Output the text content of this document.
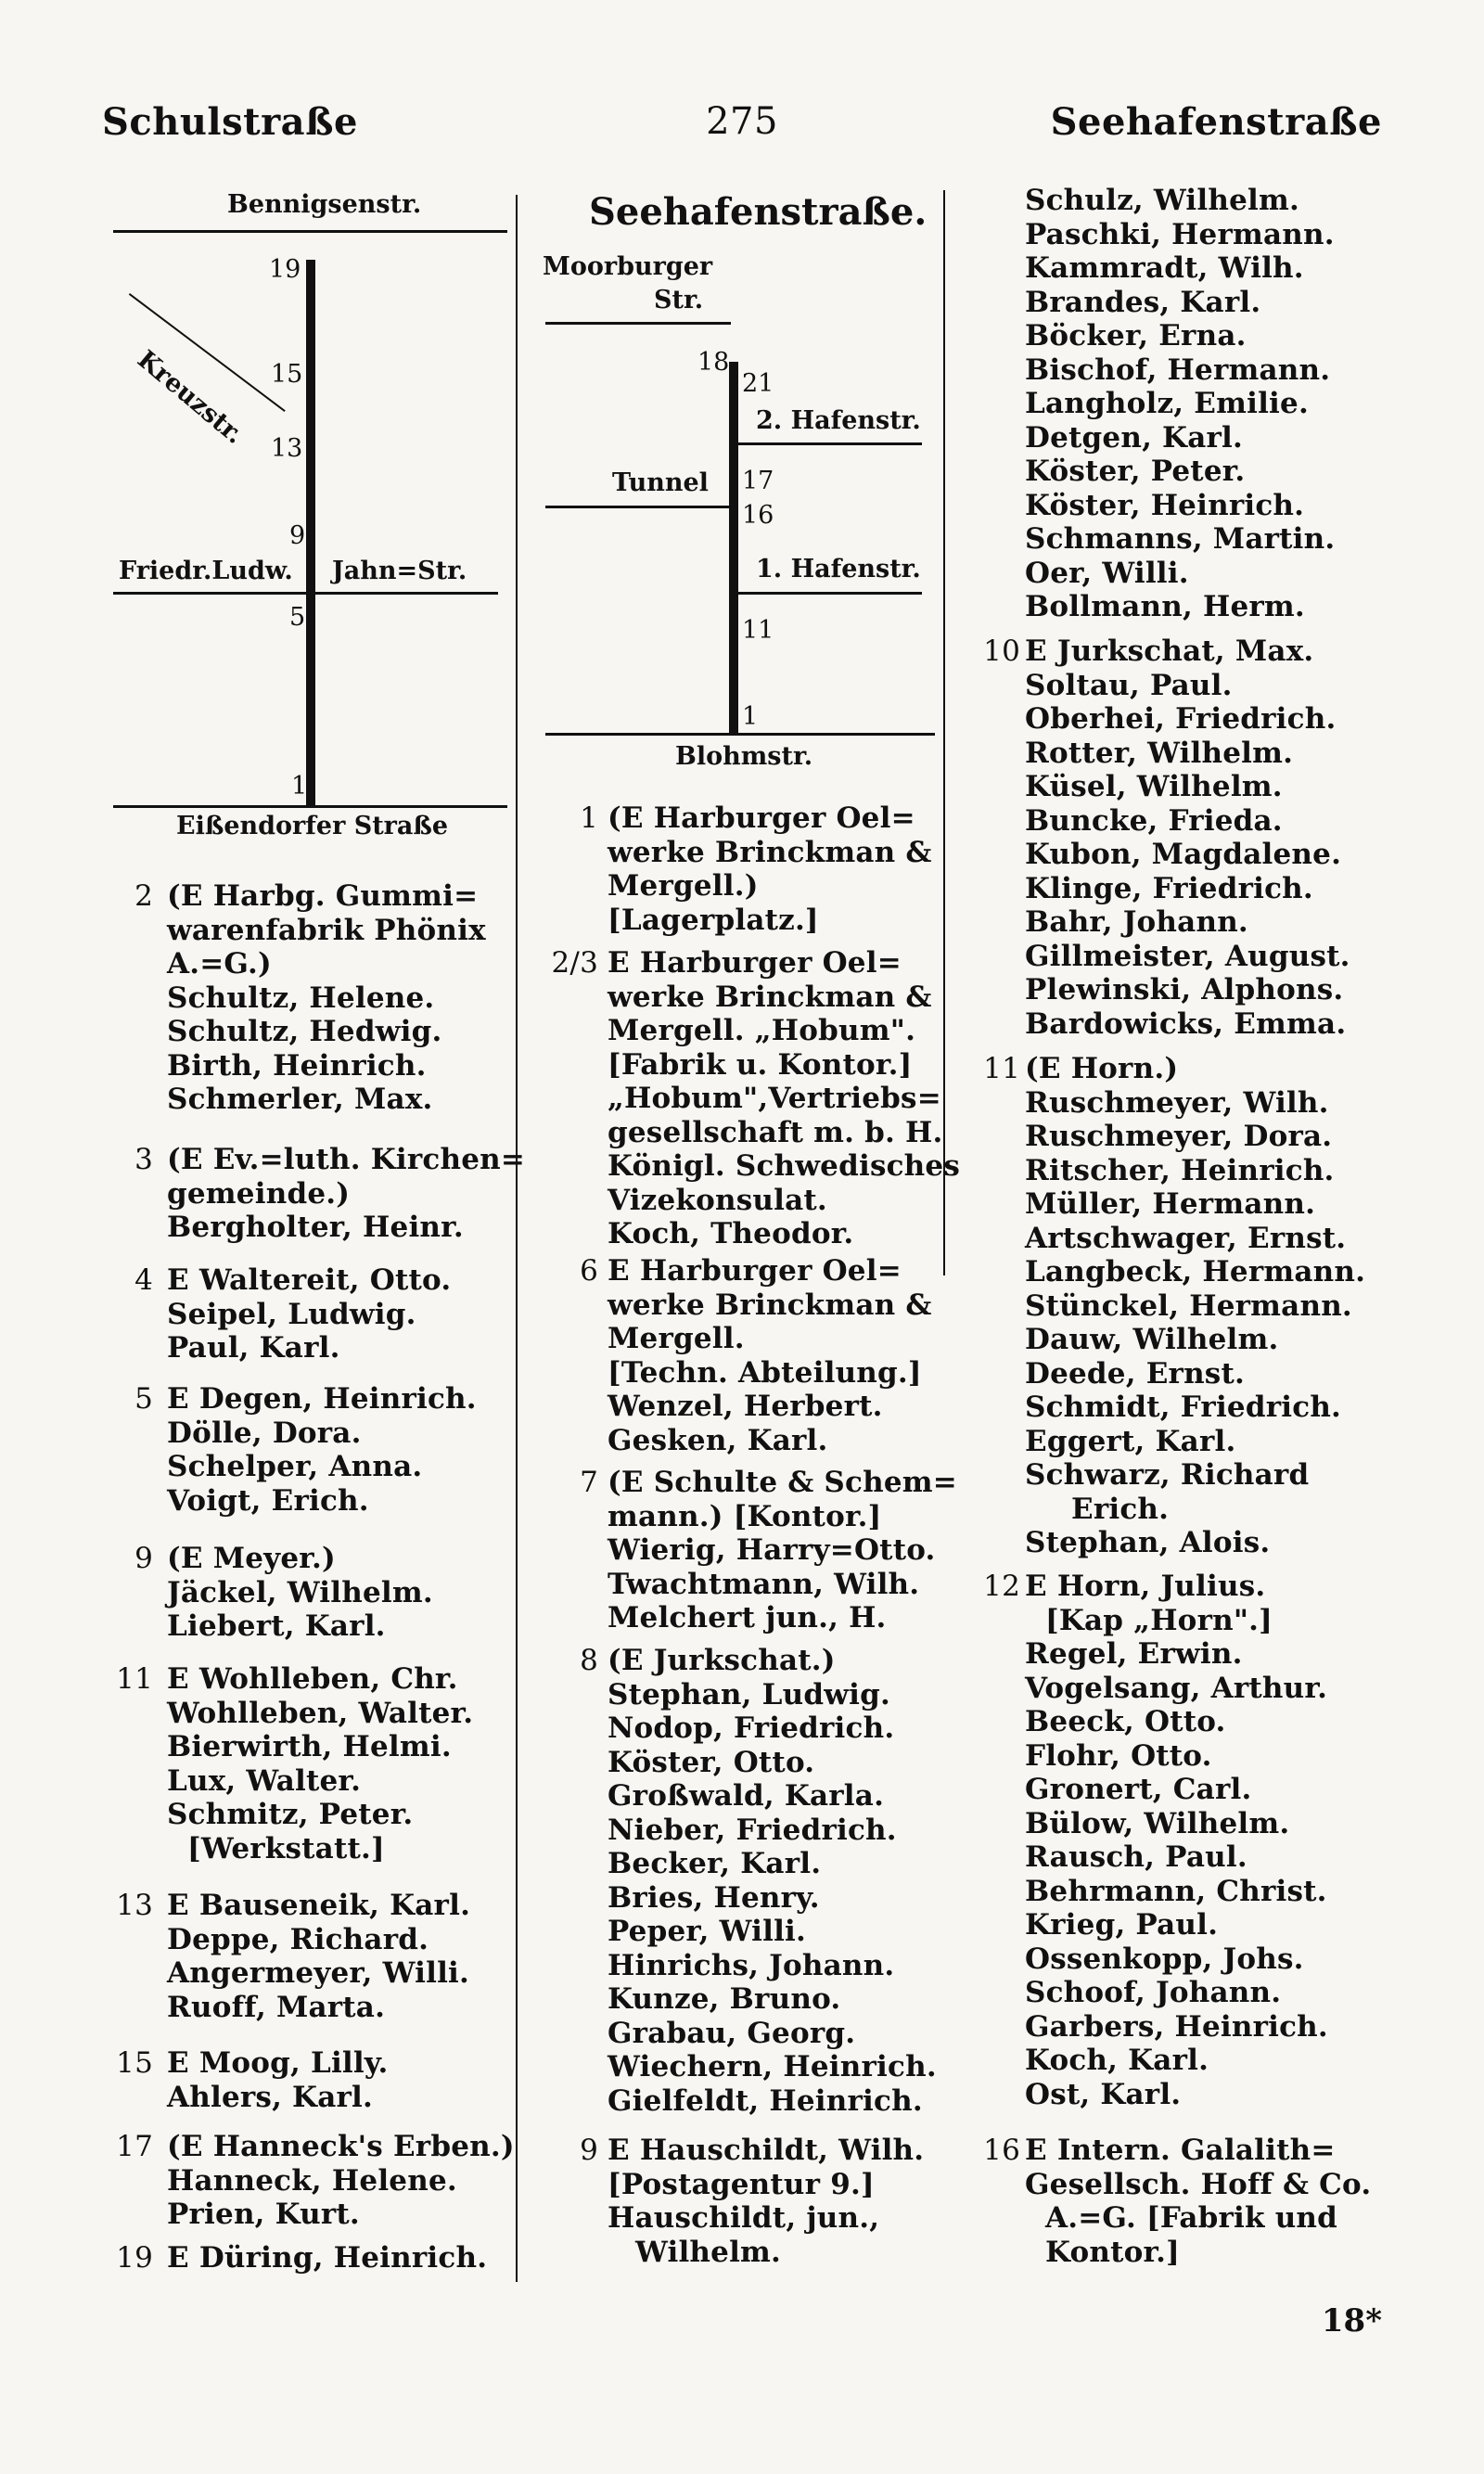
Schulstraße	275	Seehafenstraße
Bennigsenstr.
Kreuzstr.
19
15
13
9
Friedr.Ludw. Jahn=Str.
5
1
Eißendorfer Straße
Seehafenstraße.
Moorburger
Str.
18
21
2. Hafenstr.
Tunnel 17
16
1. Hafenstr.
11
1
Blohmstr.
2 (E Harbg. Gummi=
warenfabrik Phönix
A.=G.)
Schultz, Helene.
Schultz, Hedwig.
Birth, Heinrich.
Schmerler, Max.
3 (E Ev.=luth. Kirchen=
gemeinde.)
Bergholter, Heinr.
4 E Waltereit, Otto.
Seipel, Ludwig.
Paul, Karl.
5 E Degen, Heinrich.
Dölle, Dora.
Schelper, Anna.
Voigt, Erich.
9 (E Meyer.)
Jäckel, Wilhelm.
Liebert, Karl.
11 E Wohlleben, Chr.
Wohlleben, Walter.
Bierwirth, Helmi.
Lux, Walter.
Schmitz, Peter.
[Werkstatt.]
13 E Bauseneik, Karl.
Deppe, Richard.
Angermeyer, Willi.
Ruoff, Marta.
15 E Moog, Lilly.
Ahlers, Karl.
17 (E Hanneck's Erben.)
Hanneck, Helene.
Prien, Kurt.
19 E Düring, Heinrich.
1 (E Harburger Oel=
werke Brinckman &
Mergell.)
[Lagerplatz.]
2/3 E Harburger Oel=
werke Brinckman &
Mergell. „Hobum".
[Fabrik u. Kontor.]
„Hobum",Vertriebs=
gesellschaft m. b. H.
Königl. Schwedisches
Vizekonsulat.
Koch, Theodor.
6 E Harburger Oel=
werke Brinckman &
Mergell.
[Techn. Abteilung.]
Wenzel, Herbert.
Gesken, Karl.
7 (E Schulte & Schem=
mann.) [Kontor.]
Wierig, Harry=Otto.
Twachtmann, Wilh.
Melchert jun., H.
8 (E Jurkschat.)
Stephan, Ludwig.
Nodop, Friedrich.
Köster, Otto.
Großwald, Karla.
Nieber, Friedrich.
Becker, Karl.
Bries, Henry.
Peper, Willi.
Hinrichs, Johann.
Kunze, Bruno.
Grabau, Georg.
Wiechern, Heinrich.
Gielfeldt, Heinrich.
9 E Hauschildt, Wilh.
[Postagentur 9.]
Hauschildt, jun.,
Wilhelm.
Schulz, Wilhelm.
Paschki, Hermann.
Kammradt, Wilh.
Brandes, Karl.
Böcker, Erna.
Bischof, Hermann.
Langholz, Emilie.
Detgen, Karl.
Köster, Peter.
Köster, Heinrich.
Schmanns, Martin.
Oer, Willi.
Bollmann, Herm.
10 E Jurkschat, Max.
Soltau, Paul.
Oberhei, Friedrich.
Rotter, Wilhelm.
Küsel, Wilhelm.
Buncke, Frieda.
Kubon, Magdalene.
Klinge, Friedrich.
Bahr, Johann.
Gillmeister, August.
Plewinski, Alphons.
Bardowicks, Emma.
11 (E Horn.)
Ruschmeyer, Wilh.
Ruschmeyer, Dora.
Ritscher, Heinrich.
Müller, Hermann.
Artschwager, Ernst.
Langbeck, Hermann.
Stünckel, Hermann.
Dauw, Wilhelm.
Deede, Ernst.
Schmidt, Friedrich.
Eggert, Karl.
Schwarz, Richard
Erich.
Stephan, Alois.
12 E Horn, Julius.
[Kap „Horn".]
Regel, Erwin.
Vogelsang, Arthur.
Beeck, Otto.
Flohr, Otto.
Gronert, Carl.
Bülow, Wilhelm.
Rausch, Paul.
Behrmann, Christ.
Krieg, Paul.
Ossenkopp, Johs.
Schoof, Johann.
Garbers, Heinrich.
Koch, Karl.
Ost, Karl.
16 E Intern. Galalith=
Gesellsch. Hoff & Co.
A.=G. [Fabrik und
Kontor.]
18*
